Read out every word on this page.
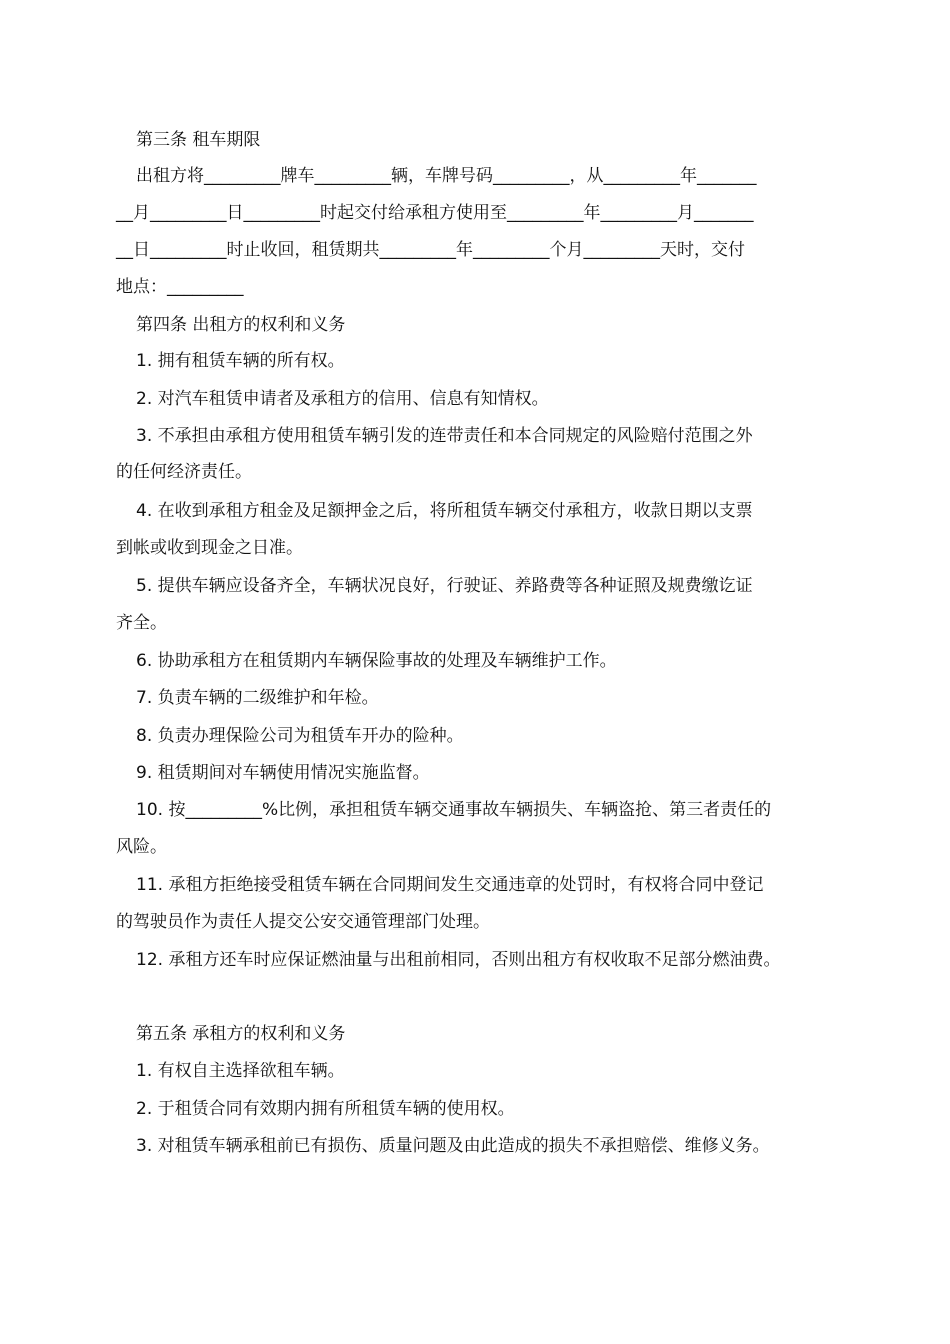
第三条 租车期限
出租方将_________牌车_________辆，车牌号码_________，从_________年_______
__月_________日_________时起交付给承租方使用至_________年_________月_______
__日_________时止收回，租赁期共_________年_________个月_________天时，交付
地点：_________
第四条 出租方的权利和义务
1. 拥有租赁车辆的所有权。
2. 对汽车租赁申请者及承租方的信用、信息有知情权。
3. 不承担由承租方使用租赁车辆引发的连带责任和本合同规定的风险赔付范围之外
的任何经济责任。
4. 在收到承租方租金及足额押金之后，将所租赁车辆交付承租方，收款日期以支票
到帐或收到现金之日准。
5. 提供车辆应设备齐全，车辆状况良好，行驶证、养路费等各种证照及规费缴讫证
齐全。
6. 协助承租方在租赁期内车辆保险事故的处理及车辆维护工作。
7. 负责车辆的二级维护和年检。
8. 负责办理保险公司为租赁车开办的险种。
9. 租赁期间对车辆使用情况实施监督。
10. 按_________%比例，承担租赁车辆交通事故车辆损失、车辆盗抢、第三者责任的
风险。
11. 承租方拒绝接受租赁车辆在合同期间发生交通违章的处罚时，有权将合同中登记
的驾驶员作为责任人提交公安交通管理部门处理。
12. 承租方还车时应保证燃油量与出租前相同，否则出租方有权收取不足部分燃油费。
第五条 承租方的权利和义务
1. 有权自主选择欲租车辆。
2. 于租赁合同有效期内拥有所租赁车辆的使用权。
3. 对租赁车辆承租前已有损伤、质量问题及由此造成的损失不承担赔偿、维修义务。
